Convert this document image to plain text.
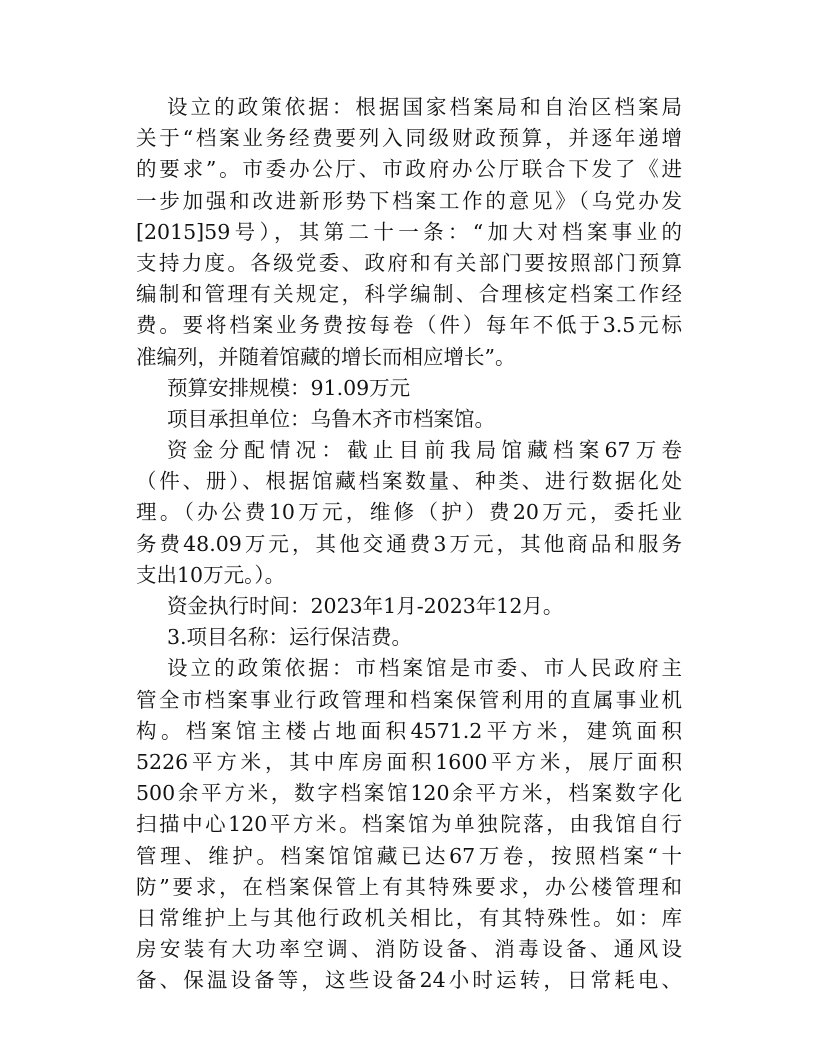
设立的政策依据：根据国家档案局和自治区档案局
关于“档案业务经费要列入同级财政预算，并逐年递增
的要求”。市委办公厅、市政府办公厅联合下发了《进
一步加强和改进新形势下档案工作的意见》（乌党办发
[2015]59号），其第二十一条：“加大对档案事业的
支持力度。各级党委、政府和有关部门要按照部门预算
编制和管理有关规定，科学编制、合理核定档案工作经
费。要将档案业务费按每卷（件）每年不低于3.5元标
准编列，并随着馆藏的增长而相应增长”。
预算安排规模：91.09万元
项目承担单位：乌鲁木齐市档案馆。
资金分配情况：截止目前我局馆藏档案67万卷
（件、册）、根据馆藏档案数量、种类、进行数据化处
理。（办公费10万元，维修（护）费20万元，委托业
务费48.09万元，其他交通费3万元，其他商品和服务
支出10万元。）。
资金执行时间：2023年1月-2023年12月。
3.项目名称：运行保洁费。
设立的政策依据：市档案馆是市委、市人民政府主
管全市档案事业行政管理和档案保管利用的直属事业机
构。档案馆主楼占地面积4571.2平方米，建筑面积
5226平方米，其中库房面积1600平方米，展厅面积
500余平方米，数字档案馆120余平方米，档案数字化
扫描中心120平方米。档案馆为单独院落，由我馆自行
管理、维护。档案馆馆藏已达67万卷，按照档案“十
防”要求，在档案保管上有其特殊要求，办公楼管理和
日常维护上与其他行政机关相比，有其特殊性。如：库
房安装有大功率空调、消防设备、消毒设备、通风设
备、保温设备等，这些设备24小时运转，日常耗电、
